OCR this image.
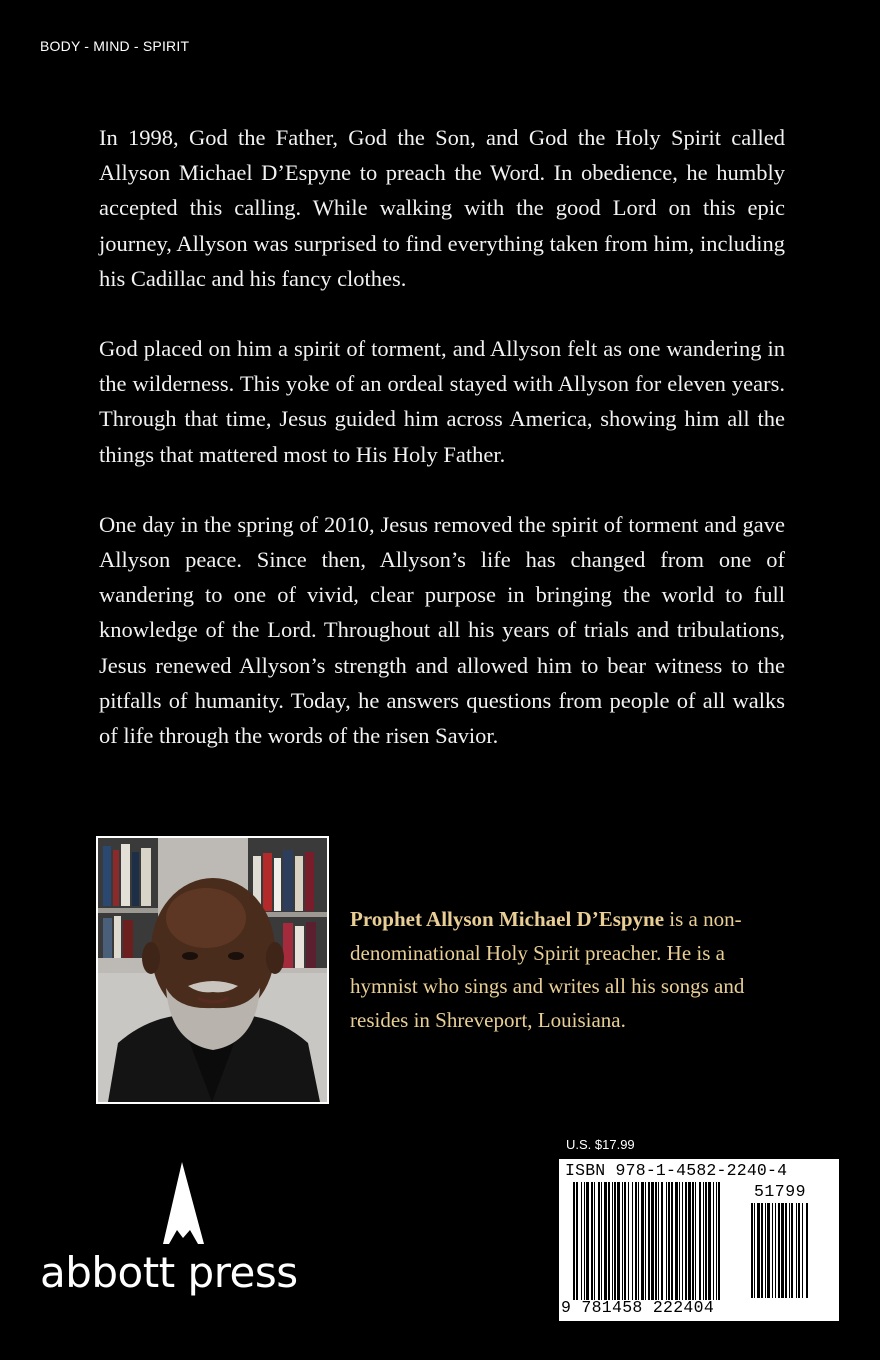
BODY - MIND - SPIRIT

In 1998, God the Father, God the Son, and God the Holy Spirit called Allyson Michael D’Espyne to preach the Word. In obedience, he humbly accepted this calling. While walking with the good Lord on this epic journey, Allyson was surprised to find everything taken from him, including his Cadillac and his fancy clothes.

God placed on him a spirit of torment, and Allyson felt as one wandering in the wilderness. This yoke of an ordeal stayed with Allyson for eleven years. Through that time, Jesus guided him across America, showing him all the things that mattered most to His Holy Father.

One day in the spring of 2010, Jesus removed the spirit of torment and gave Allyson peace. Since then, Allyson’s life has changed from one of wandering to one of vivid, clear purpose in bringing the world to full knowledge of the Lord. Throughout all his years of trials and tribulations, Jesus renewed Allyson’s strength and allowed him to bear witness to the pitfalls of humanity. Today, he answers questions from people of all walks of life through the words of the risen Savior.

Prophet Allyson Michael D’Espyne is a non-denominational Holy Spirit preacher. He is a hymnist who sings and writes all his songs and resides in Shreveport, Louisiana.
U.S. $17.99
ISBN 978-1-4582-2240-4
51799
9 781458 222404
abbott press
